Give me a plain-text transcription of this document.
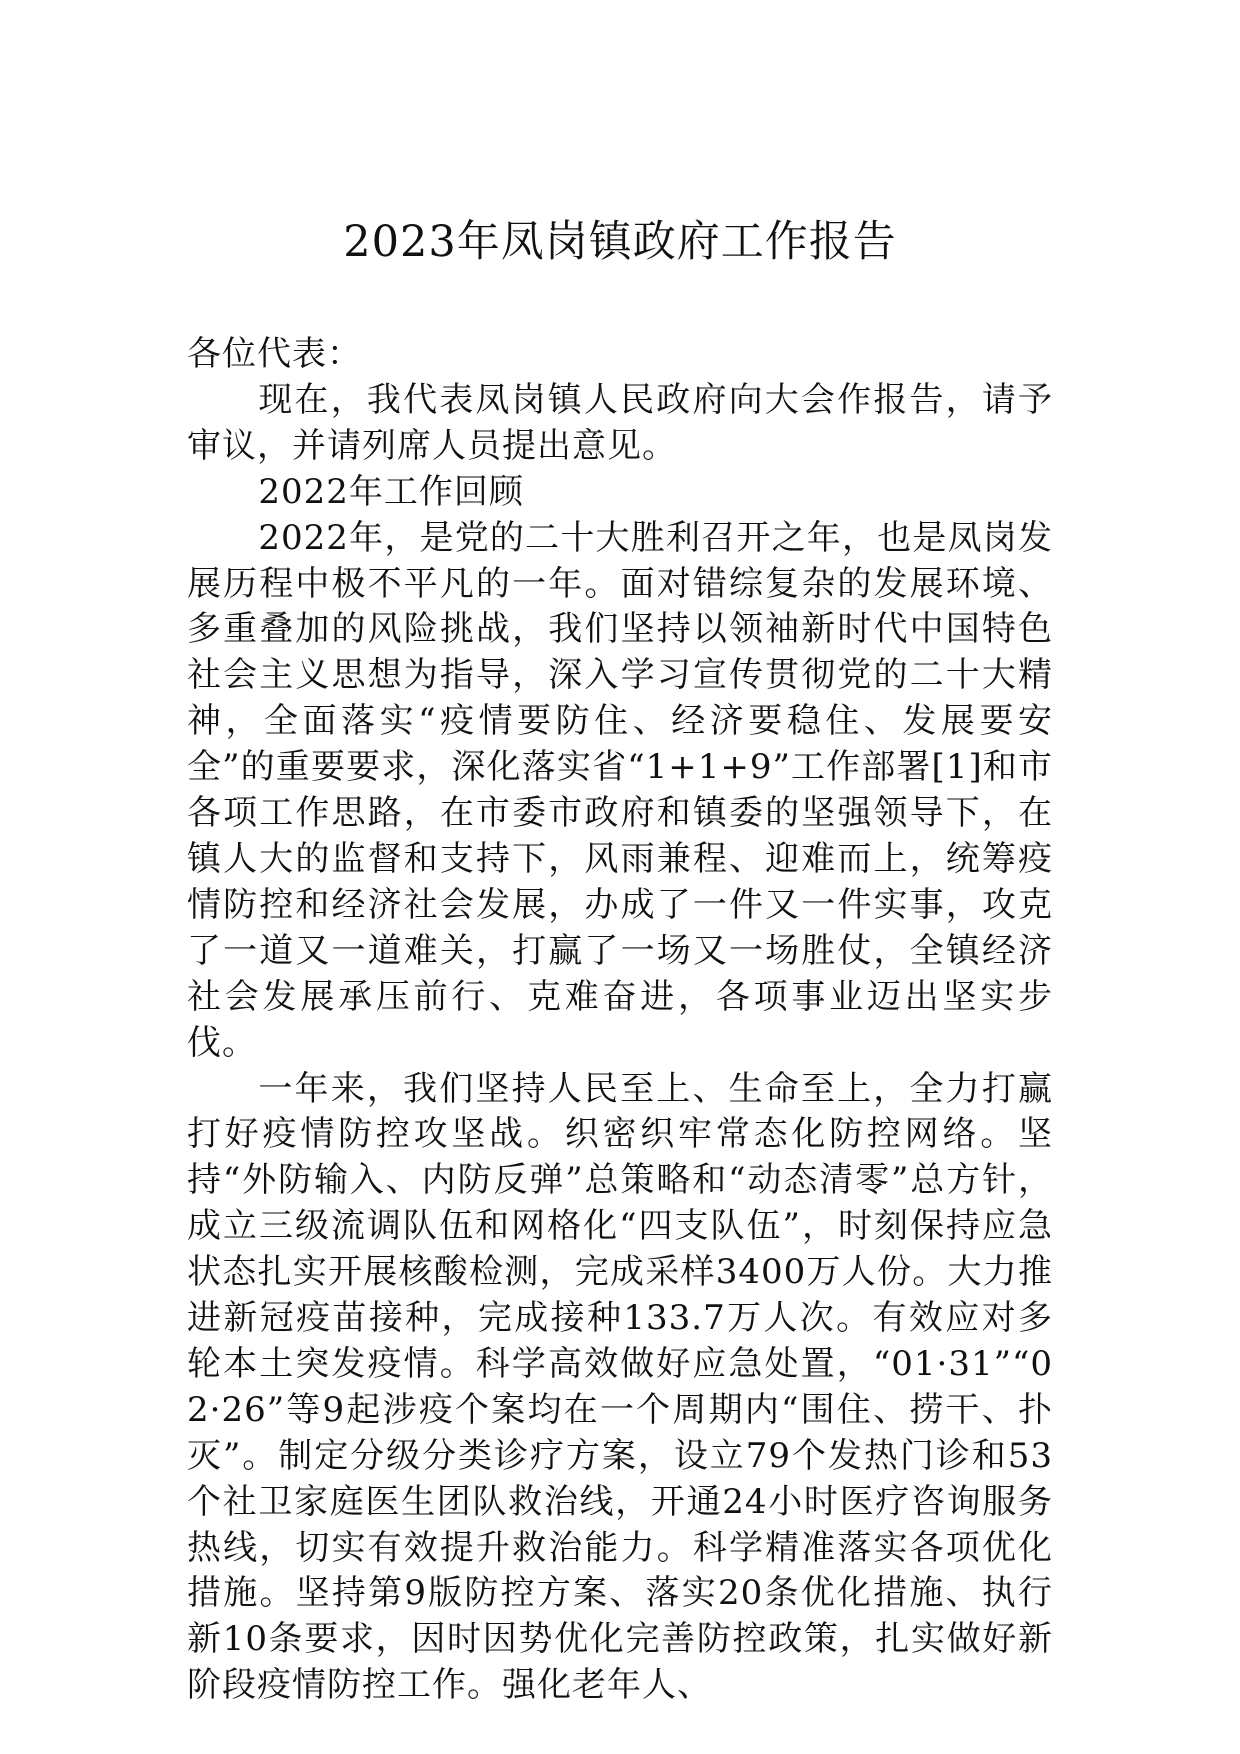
2023年凤岗镇政府工作报告

各位代表：

现在，我代表凤岗镇人民政府向大会作报告，请予审议，并请列席人员提出意见。

2022年工作回顾

2022年，是党的二十大胜利召开之年，也是凤岗发展历程中极不平凡的一年。面对错综复杂的发展环境、多重叠加的风险挑战，我们坚持以领袖新时代中国特色社会主义思想为指导，深入学习宣传贯彻党的二十大精神，全面落实“疫情要防住、经济要稳住、发展要安全”的重要要求，深化落实省“1+1+9”工作部署[1]和市各项工作思路，在市委市政府和镇委的坚强领导下，在镇人大的监督和支持下，风雨兼程、迎难而上，统筹疫情防控和经济社会发展，办成了一件又一件实事，攻克了一道又一道难关，打赢了一场又一场胜仗，全镇经济社会发展承压前行、克难奋进，各项事业迈出坚实步伐。

一年来，我们坚持人民至上、生命至上，全力打赢打好疫情防控攻坚战。织密织牢常态化防控网络。坚持“外防输入、内防反弹”总策略和“动态清零”总方针，成立三级流调队伍和网格化“四支队伍”，时刻保持应急状态扎实开展核酸检测，完成采样3400万人份。大力推进新冠疫苗接种，完成接种133.7万人次。有效应对多轮本土突发疫情。科学高效做好应急处置，“01·31”“02·26”等9起涉疫个案均在一个周期内“围住、捞干、扑灭”。制定分级分类诊疗方案，设立79个发热门诊和53个社卫家庭医生团队救治线，开通24小时医疗咨询服务热线，切实有效提升救治能力。科学精准落实各项优化措施。坚持第9版防控方案、落实20条优化措施、执行新10条要求，因时因势优化完善防控政策，扎实做好新阶段疫情防控工作。强化老年人、
